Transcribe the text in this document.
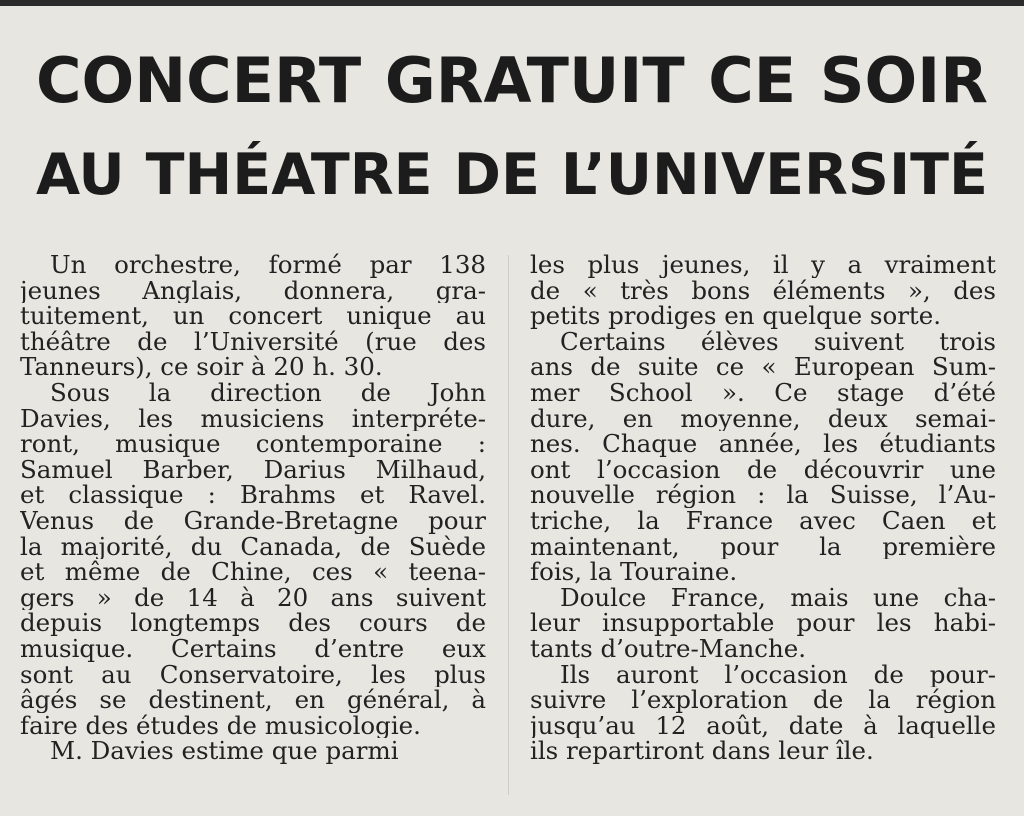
CONCERT GRATUIT CE SOIR
AU THÉATRE DE L’UNIVERSITÉ
Un orchestre, formé par 138
jeunes Anglais, donnera, gra-
tuitement, un concert unique au
théâtre de l’Université (rue des
Tanneurs), ce soir à 20 h. 30.
Sous la direction de John
Davies, les musiciens interpréte-
ront, musique contemporaine :
Samuel Barber, Darius Milhaud,
et classique : Brahms et Ravel.
Venus de Grande-Bretagne pour
la majorité, du Canada, de Suède
et même de Chine, ces « teena-
gers » de 14 à 20 ans suivent
depuis longtemps des cours de
musique. Certains d’entre eux
sont au Conservatoire, les plus
âgés se destinent, en général, à
faire des études de musicologie.
M. Davies estime que parmi
les plus jeunes, il y a vraiment
de « très bons éléments », des
petits prodiges en quelque sorte.
Certains élèves suivent trois
ans de suite ce « European Sum-
mer School ». Ce stage d’été
dure, en moyenne, deux semai-
nes. Chaque année, les étudiants
ont l’occasion de découvrir une
nouvelle région : la Suisse, l’Au-
triche, la France avec Caen et
maintenant, pour la première
fois, la Touraine.
Doulce France, mais une cha-
leur insupportable pour les habi-
tants d’outre-Manche.
Ils auront l’occasion de pour-
suivre l’exploration de la région
jusqu’au 12 août, date à laquelle
ils repartiront dans leur île.
